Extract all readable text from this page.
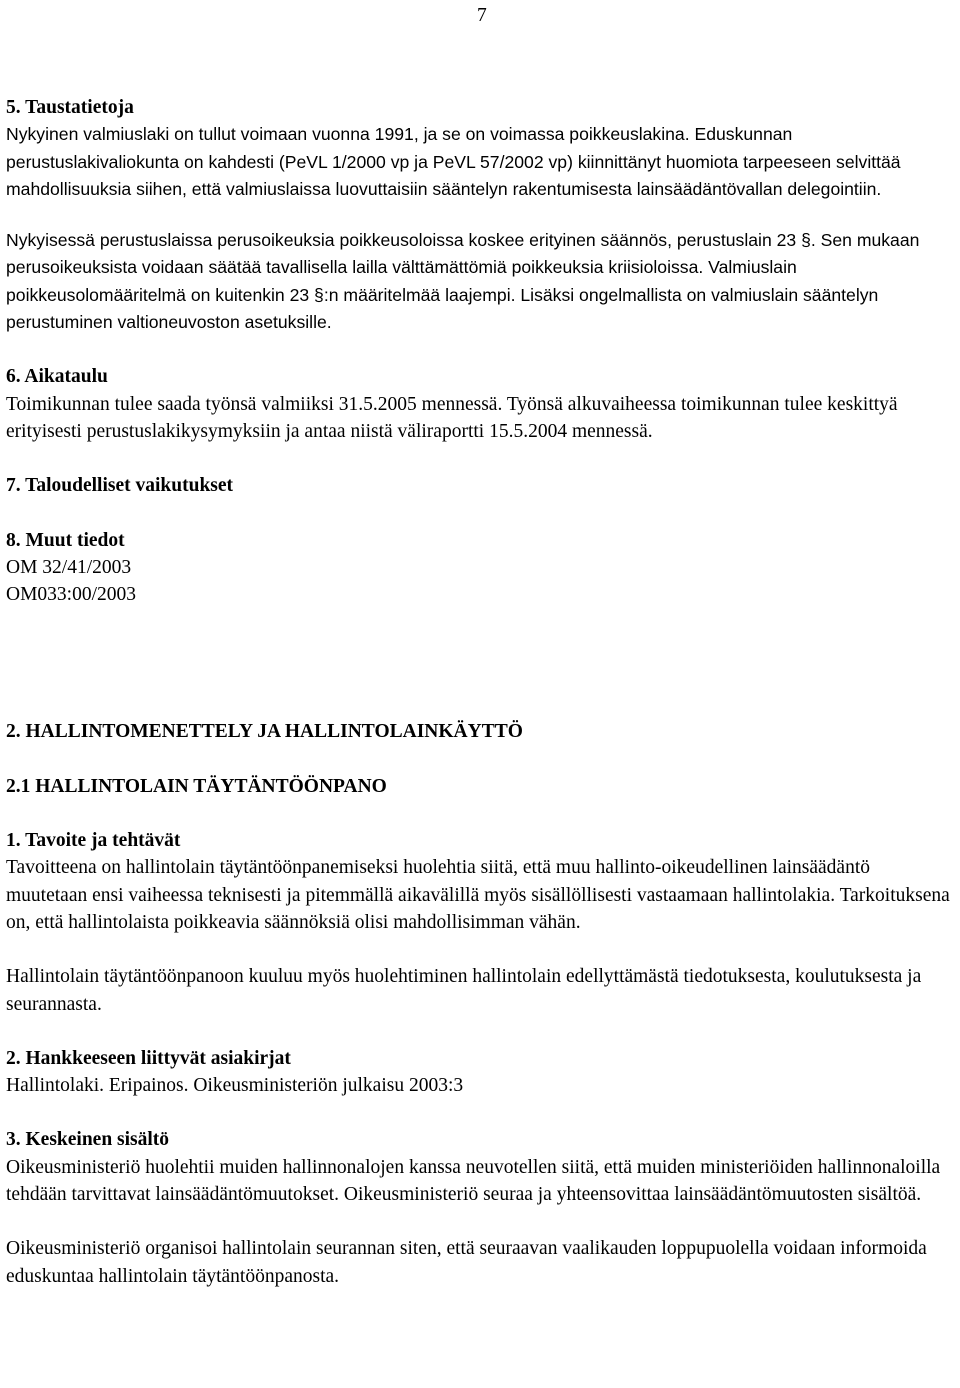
7
5. Taustatietoja
Nykyinen valmiuslaki on tullut voimaan vuonna 1991, ja se on voimassa poikkeuslakina. Eduskunnan perustuslakivaliokunta on kahdesti (PeVL 1/2000 vp ja PeVL 57/2002 vp) kiinnittänyt huomiota tarpeeseen selvittää mahdollisuuksia siihen, että valmiuslaissa luovuttaisiin sääntelyn rakentumisesta lainsäädäntövallan delegointiin.
Nykyisessä perustuslaissa perusoikeuksia poikkeusoloissa koskee erityinen säännös, perustuslain 23 §. Sen mukaan perusoikeuksista voidaan säätää tavallisella lailla välttämättömiä poikkeuksia kriisioloissa. Valmiuslain poikkeusolomääritelmä on kuitenkin 23 §:n määritelmää laajempi. Lisäksi ongelmallista on valmiuslain sääntelyn perustuminen valtioneuvoston asetuksille.
6. Aikataulu
Toimikunnan tulee saada työnsä valmiiksi 31.5.2005 mennessä. Työnsä alkuvaiheessa toimikunnan tulee keskittyä erityisesti perustuslakikysymyksiin ja antaa niistä väliraportti 15.5.2004 mennessä.
7. Taloudelliset vaikutukset
8. Muut tiedot
OM 32/41/2003
OM033:00/2003
2. HALLINTOMENETTELY JA HALLINTOLAINKÄYTTÖ
2.1 HALLINTOLAIN TÄYTÄNTÖÖNPANO
1. Tavoite ja tehtävät
Tavoitteena on hallintolain täytäntöönpanemiseksi huolehtia siitä, että muu hallinto-oikeudellinen lainsäädäntö muutetaan ensi vaiheessa teknisesti ja pitemmällä aikavälillä myös sisällöllisesti vastaamaan hallintolakia. Tarkoituksena on, että hallintolaista poikkeavia säännöksiä olisi mahdollisimman vähän.
Hallintolain täytäntöönpanoon kuuluu myös huolehtiminen hallintolain edellyttämästä tiedotuksesta, koulutuksesta ja seurannasta.
2. Hankkeeseen liittyvät asiakirjat
Hallintolaki. Eripainos. Oikeusministeriön julkaisu 2003:3
3. Keskeinen sisältö
Oikeusministeriö huolehtii muiden hallinnonalojen kanssa neuvotellen siitä, että muiden ministeriöiden hallinnonaloilla tehdään tarvittavat lainsäädäntömuutokset. Oikeusministeriö seuraa ja yhteensovittaa lainsäädäntömuutosten sisältöä.
Oikeusministeriö organisoi hallintolain seurannan siten, että seuraavan vaalikauden loppupuolella voidaan informoida eduskuntaa hallintolain täytäntöönpanosta.
